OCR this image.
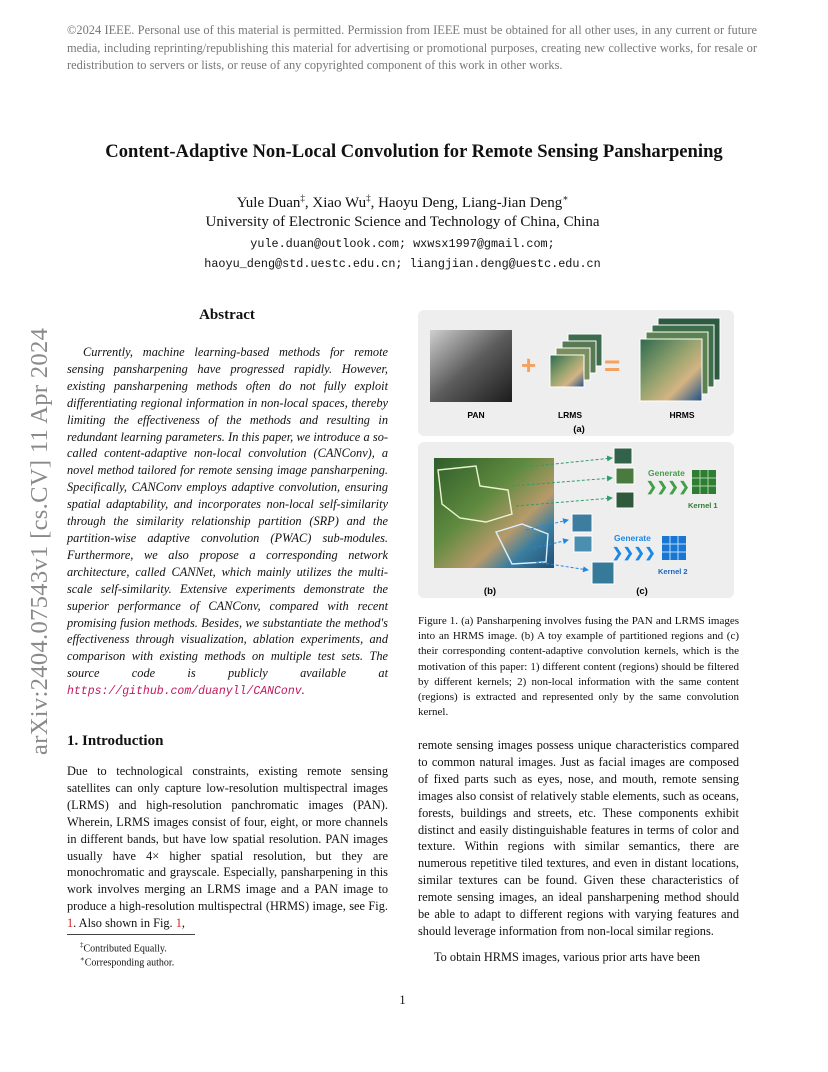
©2024 IEEE. Personal use of this material is permitted. Permission from IEEE must be obtained for all other uses, in any current or future media, including reprinting/republishing this material for advertising or promotional purposes, creating new collective works, for resale or redistribution to servers or lists, or reuse of any copyrighted component of this work in other works.
Content-Adaptive Non-Local Convolution for Remote Sensing Pansharpening
Yule Duan‡, Xiao Wu‡, Haoyu Deng, Liang-Jian Deng∗
University of Electronic Science and Technology of China, China
yule.duan@outlook.com; wxwsx1997@gmail.com;
haoyu_deng@std.uestc.edu.cn; liangjian.deng@uestc.edu.cn
arXiv:2404.07543v1 [cs.CV] 11 Apr 2024
Abstract
Currently, machine learning-based methods for remote sensing pansharpening have progressed rapidly. However, existing pansharpening methods often do not fully exploit differentiating regional information in non-local spaces, thereby limiting the effectiveness of the methods and resulting in redundant learning parameters. In this paper, we introduce a so-called content-adaptive non-local convolution (CANConv), a novel method tailored for remote sensing image pansharpening. Specifically, CANConv employs adaptive convolution, ensuring spatial adaptability, and incorporates non-local self-similarity through the similarity relationship partition (SRP) and the partition-wise adaptive convolution (PWAC) sub-modules. Furthermore, we also propose a corresponding network architecture, called CANNet, which mainly utilizes the multi-scale self-similarity. Extensive experiments demonstrate the superior performance of CANConv, compared with recent promising fusion methods. Besides, we substantiate the method's effectiveness through visualization, ablation experiments, and comparison with existing methods on multiple test sets. The source code is publicly available at https://github.com/duanyll/CANConv.
1. Introduction
Due to technological constraints, existing remote sensing satellites can only capture low-resolution multispectral images (LRMS) and high-resolution panchromatic images (PAN). Wherein, LRMS images consist of four, eight, or more channels in different bands, but have low spatial resolution. PAN images usually have 4× higher spatial resolution, but they are monochromatic and grayscale. Especially, pansharpening in this work involves merging an LRMS image and a PAN image to produce a high-resolution multispectral (HRMS) image, see Fig. 1. Also shown in Fig. 1,
‡Contributed Equally.
∗Corresponding author.
1
+ =
PAN	LRMS	HRMS
(a)
Generate
❯❯❯❯
Kernel 1
Generate
❯❯❯❯
Kernel 2
(b)	(c)
Figure 1. (a) Pansharpening involves fusing the PAN and LRMS images into an HRMS image. (b) A toy example of partitioned regions and (c) their corresponding content-adaptive convolution kernels, which is the motivation of this paper: 1) different content (regions) should be filtered by different kernels; 2) non-local information with the same content (regions) is extracted and represented only by the same convolution kernel.
remote sensing images possess unique characteristics compared to common natural images. Just as facial images are composed of fixed parts such as eyes, nose, and mouth, remote sensing images also consist of relatively stable elements, such as oceans, forests, buildings and streets, etc. These components exhibit distinct and easily distinguishable features in terms of color and texture. Within regions with similar semantics, there are numerous repetitive tiled textures, and even in distant locations, similar textures can be found. Given these characteristics of remote sensing images, an ideal pansharpening method should be able to adapt to different regions with varying features and should leverage information from non-local similar regions.
To obtain HRMS images, various prior arts have been
